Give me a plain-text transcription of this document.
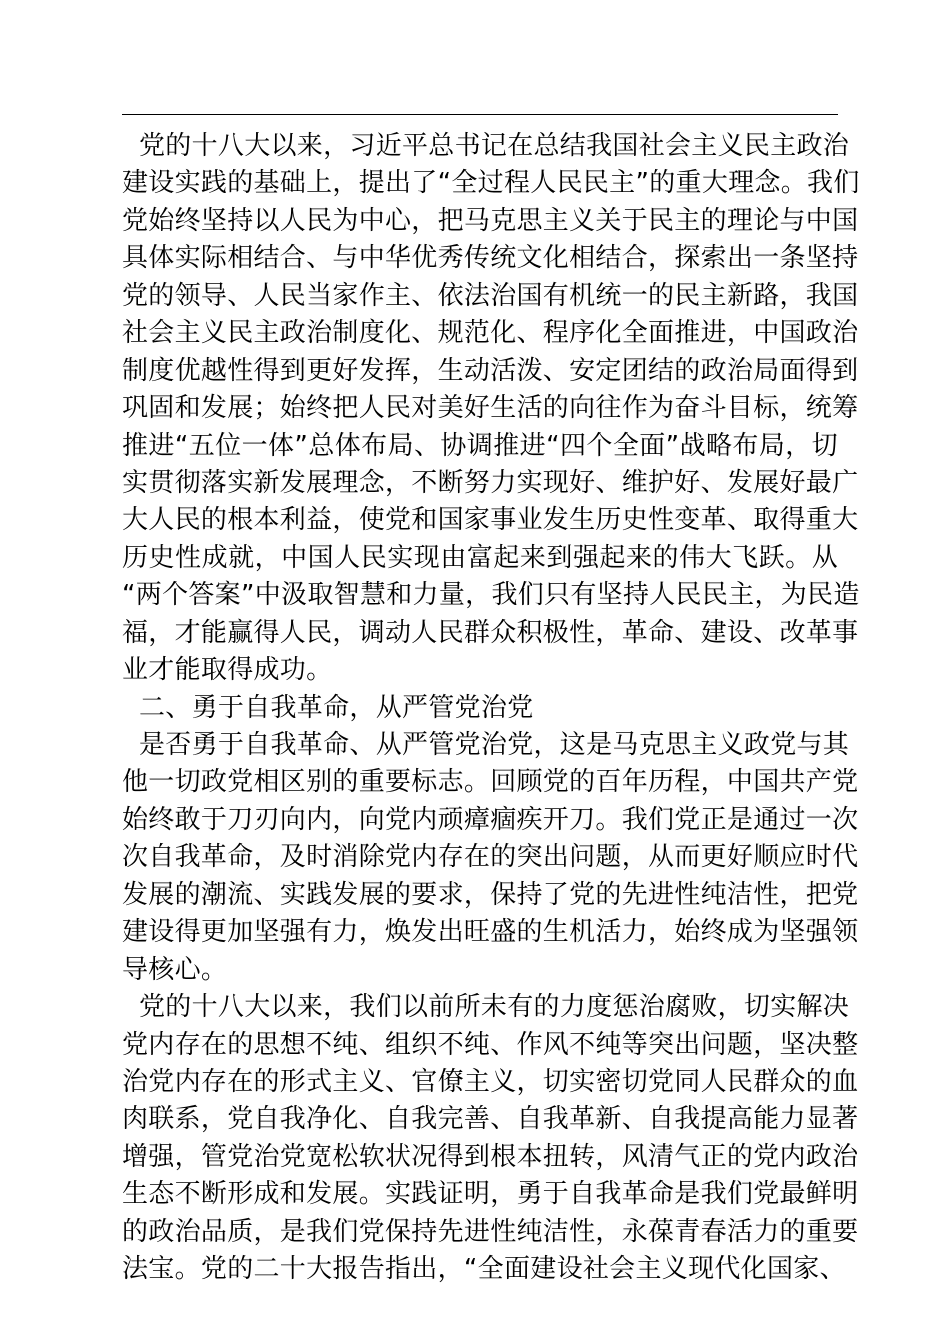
党的十八大以来，习近平总书记在总结我国社会主义民主政治
建设实践的基础上，提出了“全过程人民民主”的重大理念。我们
党始终坚持以人民为中心，把马克思主义关于民主的理论与中国
具体实际相结合、与中华优秀传统文化相结合，探索出一条坚持
党的领导、人民当家作主、依法治国有机统一的民主新路，我国
社会主义民主政治制度化、规范化、程序化全面推进，中国政治
制度优越性得到更好发挥，生动活泼、安定团结的政治局面得到
巩固和发展；始终把人民对美好生活的向往作为奋斗目标，统筹
推进“五位一体”总体布局、协调推进“四个全面”战略布局，切
实贯彻落实新发展理念，不断努力实现好、维护好、发展好最广
大人民的根本利益，使党和国家事业发生历史性变革、取得重大
历史性成就，中国人民实现由富起来到强起来的伟大飞跃。从
“两个答案”中汲取智慧和力量，我们只有坚持人民民主，为民造
福，才能赢得人民，调动人民群众积极性，革命、建设、改革事
业才能取得成功。
二、勇于自我革命，从严管党治党
是否勇于自我革命、从严管党治党，这是马克思主义政党与其
他一切政党相区别的重要标志。回顾党的百年历程，中国共产党
始终敢于刀刃向内，向党内顽瘴痼疾开刀。我们党正是通过一次
次自我革命，及时消除党内存在的突出问题，从而更好顺应时代
发展的潮流、实践发展的要求，保持了党的先进性纯洁性，把党
建设得更加坚强有力，焕发出旺盛的生机活力，始终成为坚强领
导核心。
党的十八大以来，我们以前所未有的力度惩治腐败，切实解决
党内存在的思想不纯、组织不纯、作风不纯等突出问题，坚决整
治党内存在的形式主义、官僚主义，切实密切党同人民群众的血
肉联系，党自我净化、自我完善、自我革新、自我提高能力显著
增强，管党治党宽松软状况得到根本扭转，风清气正的党内政治
生态不断形成和发展。实践证明，勇于自我革命是我们党最鲜明
的政治品质，是我们党保持先进性纯洁性，永葆青春活力的重要
法宝。党的二十大报告指出，“全面建设社会主义现代化国家、
